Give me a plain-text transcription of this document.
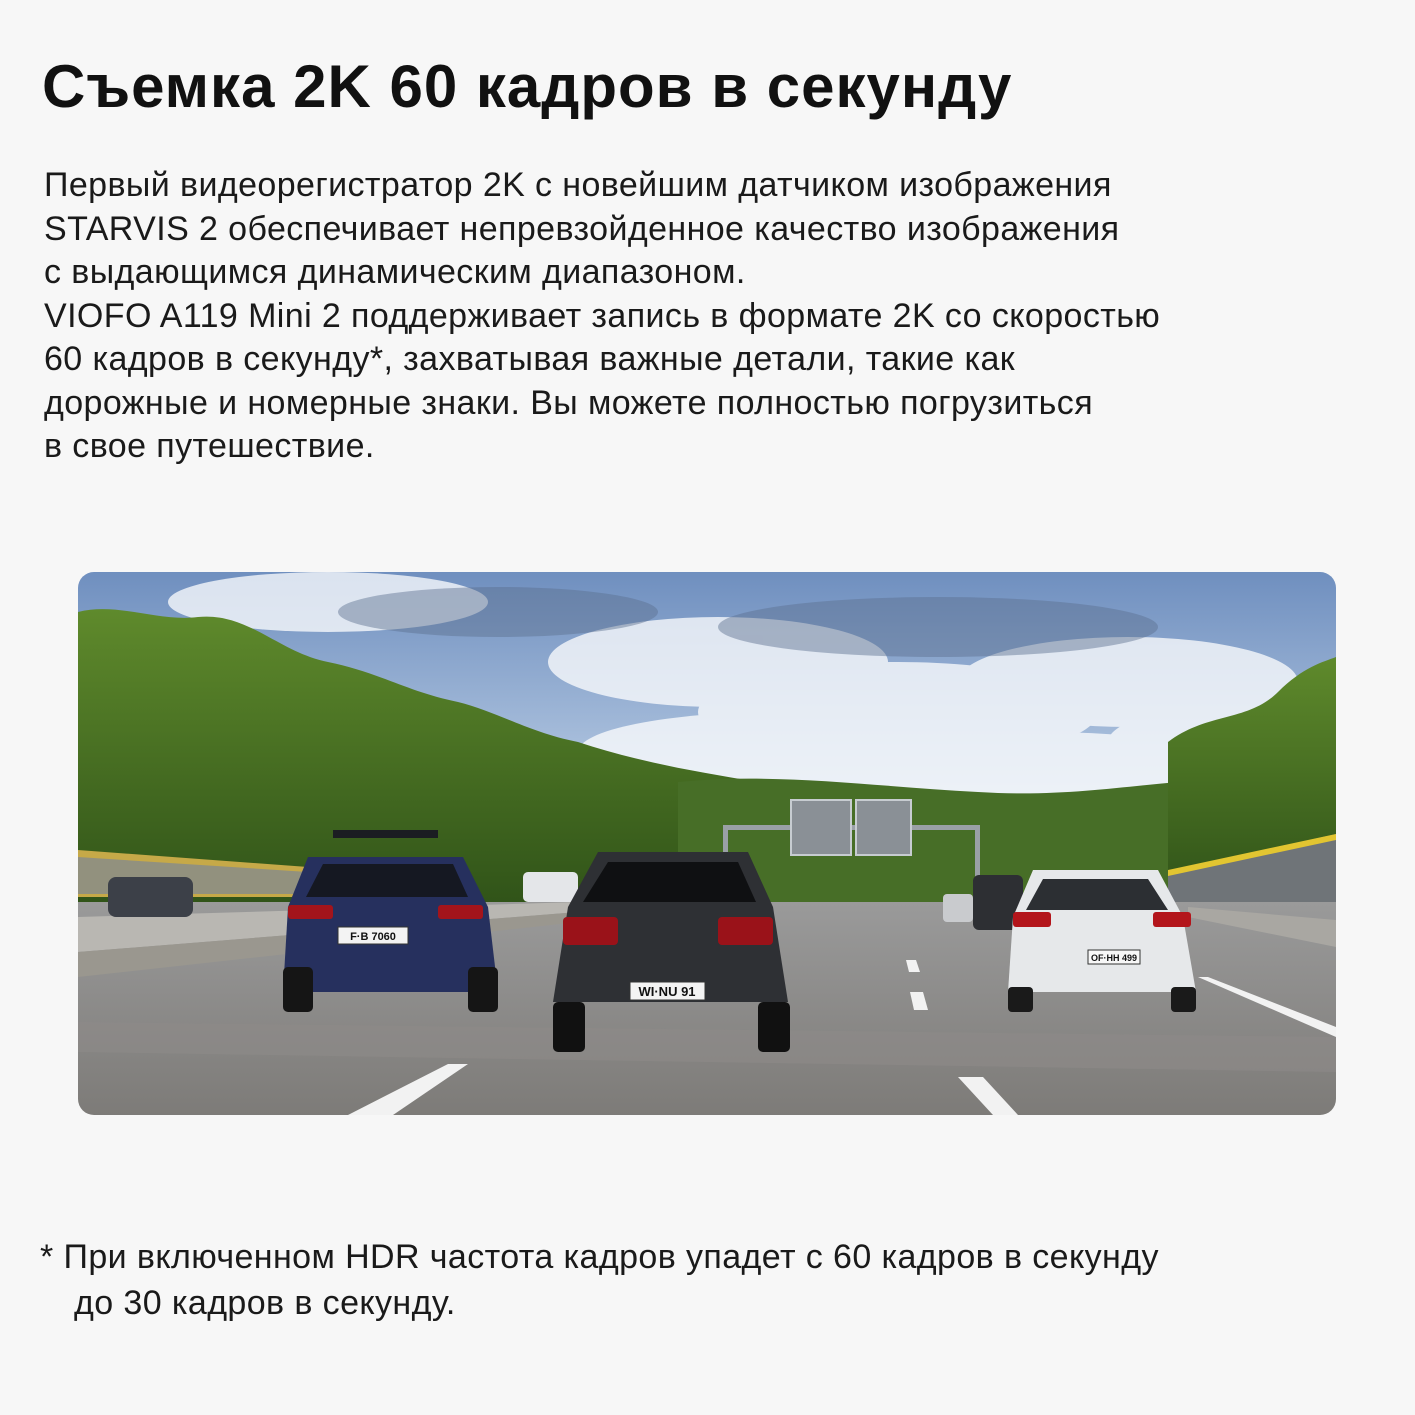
Съемка 2K 60 кадров в секунду
Первый видеорегистратор 2K с новейшим датчиком изображения
STARVIS 2 обеспечивает непревзойденное качество изображения
с выдающимся динамическим диапазоном.
VIOFO A119 Mini 2 поддерживает запись в формате 2K со скоростью
60 кадров в секунду*, захватывая важные детали, такие как
дорожные и номерные знаки. Вы можете полностью погрузиться
в свое путешествие.
F·B 7060
WI·NU 91
OF·HH 499
* При включенном HDR частота кадров упадет с 60 кадров в секунду
до 30 кадров в секунду.
